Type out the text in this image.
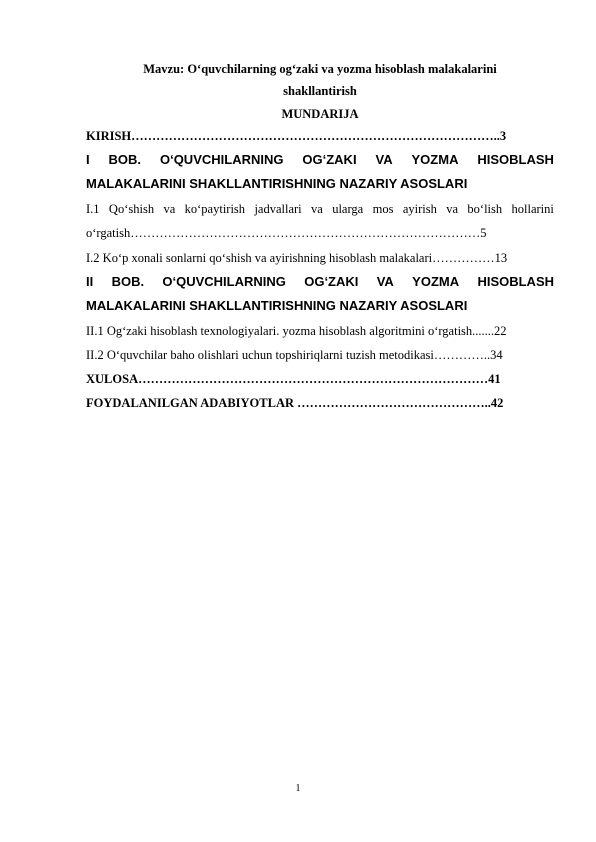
Mavzu: O‘quvchilarning og‘zaki va yozma hisoblash malakalarini
shakllantirish
MUNDARIJA
KIRISH……………………………………………………………………………..3
I BOB. O‘QUVCHILARNING OG‘ZAKI VA YOZMA HISOBLASH
MALAKALARINI SHAKLLANTIRISHNING NAZARIY ASOSLARI
I.1 Qo‘shish va ko‘paytirish jadvallari va ularga mos ayirish va bo‘lish hollarini
o‘rgatish…………………………………………………………………………5
I.2 Ko‘p xonali sonlarni qo‘shish va ayirishning hisoblash malakalari……………13
II BOB. O‘QUVCHILARNING OG‘ZAKI VA YOZMA HISOBLASH
MALAKALARINI SHAKLLANTIRISHNING NAZARIY ASOSLARI
II.1 Og‘zaki hisoblash texnologiyalari. yozma hisoblash algoritmini o‘rgatish.......22
II.2 O‘quvchilar baho olishlari uchun topshiriqlarni tuzish metodikasi…………..34
XULOSA…………………………………………………………………………41
FOYDALANILGAN ADABIYOTLAR ………………………………………..42
1
